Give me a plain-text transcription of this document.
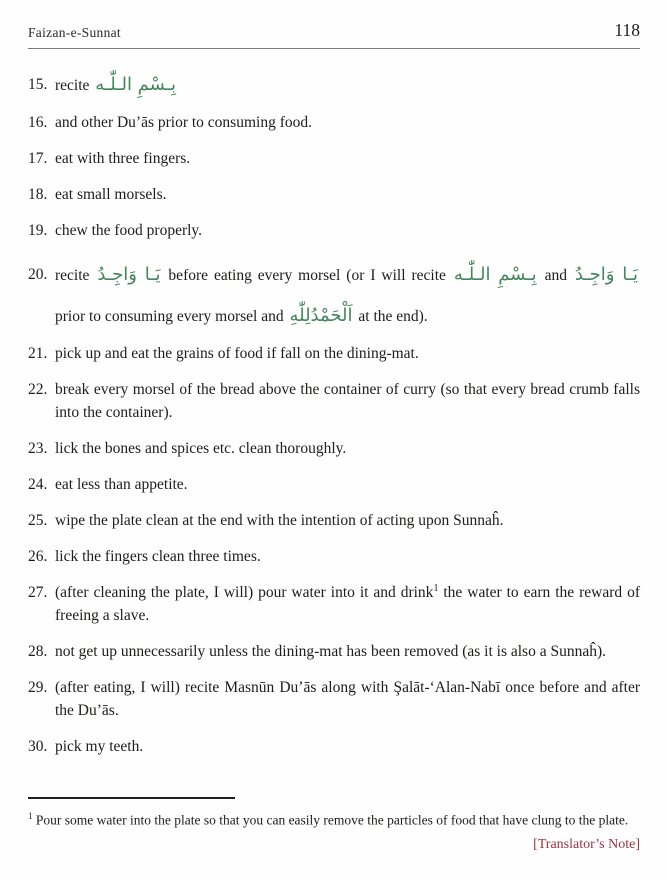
Faizan-e-Sunnat	118
15. recite بِـسْمِ الـلّٰـه
16. and other Du’ās prior to consuming food.
17. eat with three fingers.
18. eat small morsels.
19. chew the food properly.
20. recite يَـا وَاجِـدُ before eating every morsel (or I will recite بِـسْمِ الـلّٰـه and يَـا وَاجِـدُ prior to consuming every morsel and اَلْحَمْدُلِلّٰهِ at the end).
21. pick up and eat the grains of food if fall on the dining-mat.
22. break every morsel of the bread above the container of curry (so that every bread crumb falls into the container).
23. lick the bones and spices etc. clean thoroughly.
24. eat less than appetite.
25. wipe the plate clean at the end with the intention of acting upon Sunnaĥ.
26. lick the fingers clean three times.
27. (after cleaning the plate, I will) pour water into it and drink$^1$ the water to earn the reward of freeing a slave.
28. not get up unnecessarily unless the dining-mat has been removed (as it is also a Sunnaĥ).
29. (after eating, I will) recite Masnūn Du’ās along with Şalāt-‘Alan-Nabī once before and after the Du’ās.
30. pick my teeth.
$^1$ Pour some water into the plate so that you can easily remove the particles of food that have clung to the plate.
[Translator’s Note]
